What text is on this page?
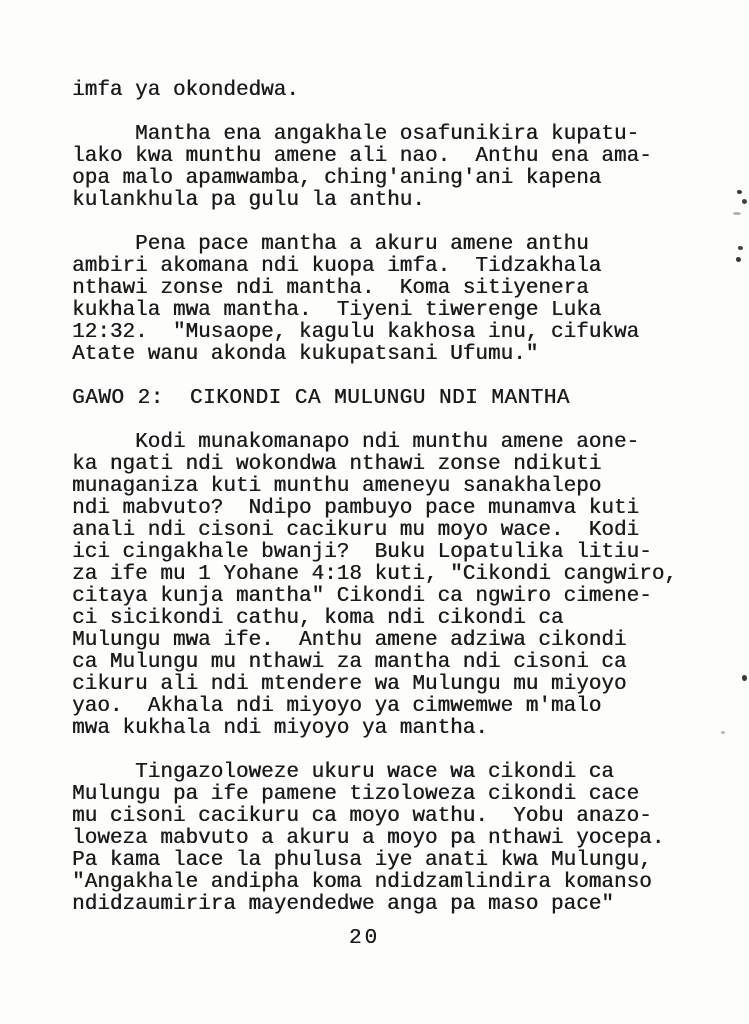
imfa ya okondedwa.
Mantha ena angakhale osafunikira kupatu-
lako kwa munthu amene ali nao.  Anthu ena ama-
opa malo apamwamba, ching'aning'ani kapena
kulankhula pa gulu la anthu.
Pena pace mantha a akuru amene anthu
ambiri akomana ndi kuopa imfa.  Tidzakhala
nthawi zonse ndi mantha.  Koma sitiyenera
kukhala mwa mantha.  Tiyeni tiwerenge Luka
12:32.  "Musaope, kagulu kakhosa inu, cifukwa
Atate wanu akonda kukupatsani Ufumu."
GAWO 2:  CIKONDI CA MULUNGU NDI MANTHA
Kodi munakomanapo ndi munthu amene aone-
ka ngati ndi wokondwa nthawi zonse ndikuti
munaganiza kuti munthu ameneyu sanakhalepo
ndi mabvuto?  Ndipo pambuyo pace munamva kuti
anali ndi cisoni cacikuru mu moyo wace.  Kodi
ici cingakhale bwanji?  Buku Lopatulika litiu-
za ife mu 1 Yohane 4:18 kuti, "Cikondi cangwiro,
citaya kunja mantha" Cikondi ca ngwiro cimene-
ci sicikondi cathu, koma ndi cikondi ca
Mulungu mwa ife.  Anthu amene adziwa cikondi
ca Mulungu mu nthawi za mantha ndi cisoni ca
cikuru ali ndi mtendere wa Mulungu mu miyoyo
yao.  Akhala ndi miyoyo ya cimwemwe m'malo
mwa kukhala ndi miyoyo ya mantha.
Tingazoloweze ukuru wace wa cikondi ca
Mulungu pa ife pamene tizoloweza cikondi cace
mu cisoni cacikuru ca moyo wathu.  Yobu anazo-
loweza mabvuto a akuru a moyo pa nthawi yocepa.
Pa kama lace la phulusa iye anati kwa Mulungu,
"Angakhale andipha koma ndidzamlindira komanso
ndidzaumirira mayendedwe anga pa maso pace"
20
